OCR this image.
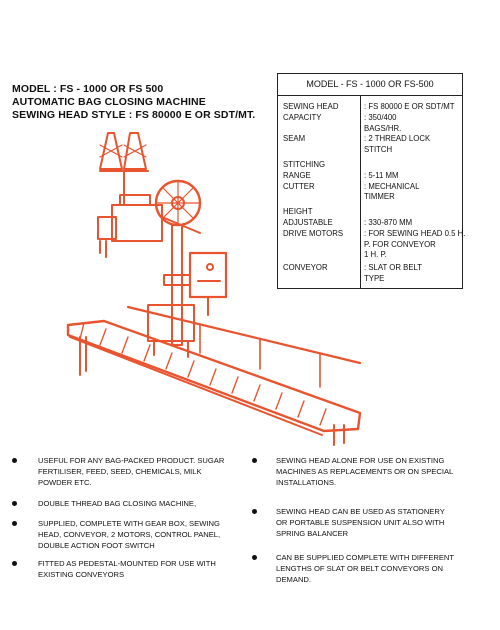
MODEL : FS - 1000 OR FS 500
AUTOMATIC BAG CLOSING MACHINE
SEWING HEAD STYLE : FS 80000 E OR SDT/MT.
MODEL - FS - 1000 OR FS-500
SEWING HEAD	: FS 80000 E OR SDT/MT
CAPACITY	: 350/400
BAGS/HR.
SEAM	: 2 THREAD LOCK
STITCH
STITCHING
RANGE	: 5-11 MM
CUTTER	: MECHANICAL
TIMMER
HEIGHT
ADJUSTABLE	: 330-870 MM
DRIVE MOTORS	: FOR SEWING HEAD 0.5 H.
P. FOR CONVEYOR
1 H. P.
CONVEYOR	: SLAT OR BELT
TYPE
USEFUL FOR ANY BAG-PACKED PRODUCT. SUGAR
FERTILISER, FEED, SEED, CHEMICALS, MILK
POWDER ETC.
DOUBLE THREAD BAG CLOSING MACHINE,
SUPPLIED, COMPLETE WITH GEAR BOX, SEWING
HEAD, CONVEYOR, 2 MOTORS, CONTROL PANEL,
DOUBLE ACTION FOOT SWITCH
FITTED AS PEDESTAL-MOUNTED FOR USE WITH
EXISTING CONVEYORS
SEWING HEAD ALONE FOR USE ON EXISTING
MACHINES AS REPLACEMENTS OR ON SPECIAL
INSTALLATIONS.
SEWING HEAD CAN BE USED AS STATIONERY
OR PORTABLE SUSPENSION UNIT ALSO WITH
SPRING BALANCER
CAN BE SUPPLIED COMPLETE WITH DIFFERENT
LENGTHS OF SLAT OR BELT CONVEYORS ON
DEMAND.
